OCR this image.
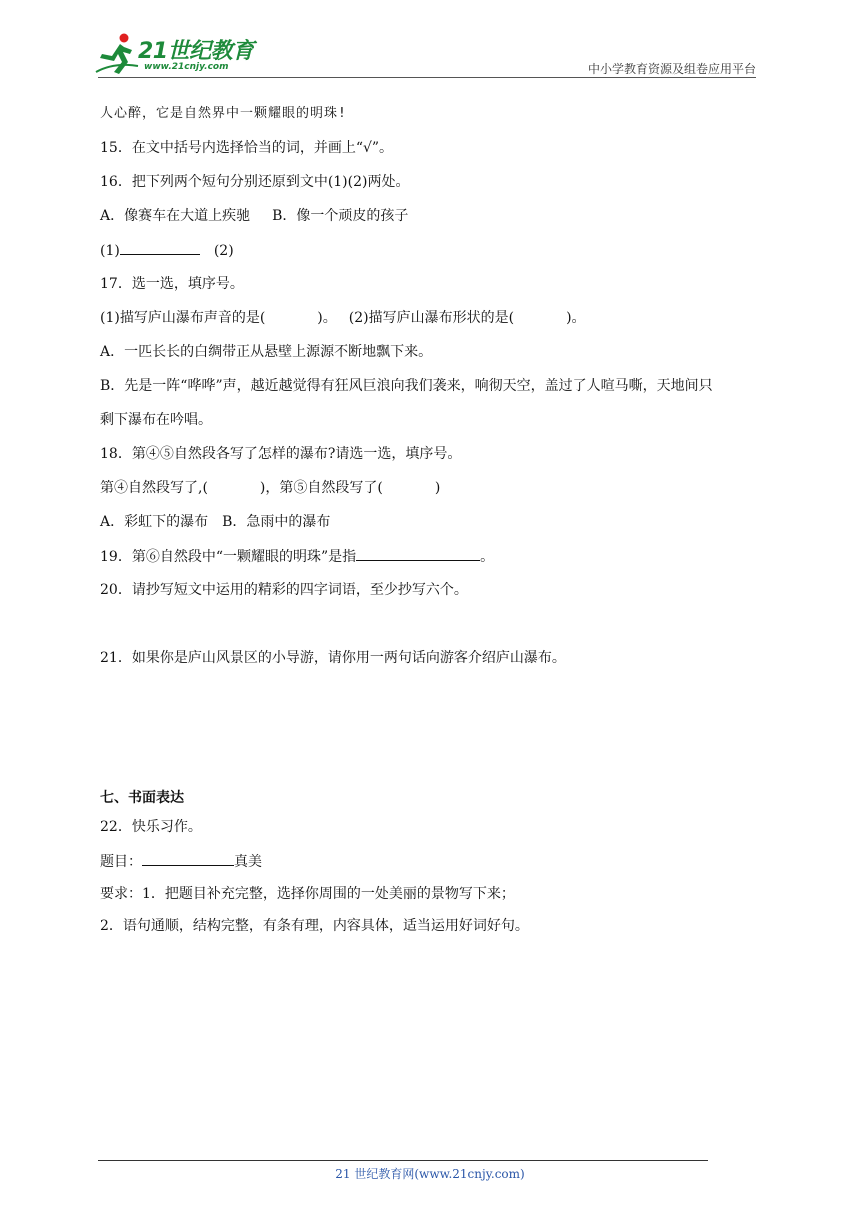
21世纪教育
www.21cnjy.com	中小学教育资源及组卷应用平台
人心醉，它是自然界中一颗耀眼的明珠!
15．在文中括号内选择恰当的词，并画上“√”。
16．把下列两个短句分别还原到文中(1)(2)两处。
A．像赛车在大道上疾驰 B．像一个顽皮的孩子
(1)	(2)
17．选一选，填序号。
(1)描写庐山瀑布声音的是(	)。 (2)描写庐山瀑布形状的是(	)。
A．一匹长长的白绸带正从悬壁上源源不断地飘下来。
B．先是一阵“哗哗”声，越近越觉得有狂风巨浪向我们袭来，响彻天空，盖过了人喧马嘶，天地间只
剩下瀑布在吟唱。
18．第④⑤自然段各写了怎样的瀑布?请选一选，填序号。
第④自然段写了,(	)，第⑤自然段写了(	)
A．彩虹下的瀑布　B．急雨中的瀑布
19．第⑥自然段中“一颗耀眼的明珠”是指	。
20．请抄写短文中运用的精彩的四字词语，至少抄写六个。
21．如果你是庐山风景区的小导游，请你用一两句话向游客介绍庐山瀑布。
七、书面表达
22．快乐习作。
题目：	真美
要求：1．把题目补充完整，选择你周围的一处美丽的景物写下来；
2．语句通顺，结构完整，有条有理，内容具体，适当运用好词好句。
21 世纪教育网(www.21cnjy.com)
